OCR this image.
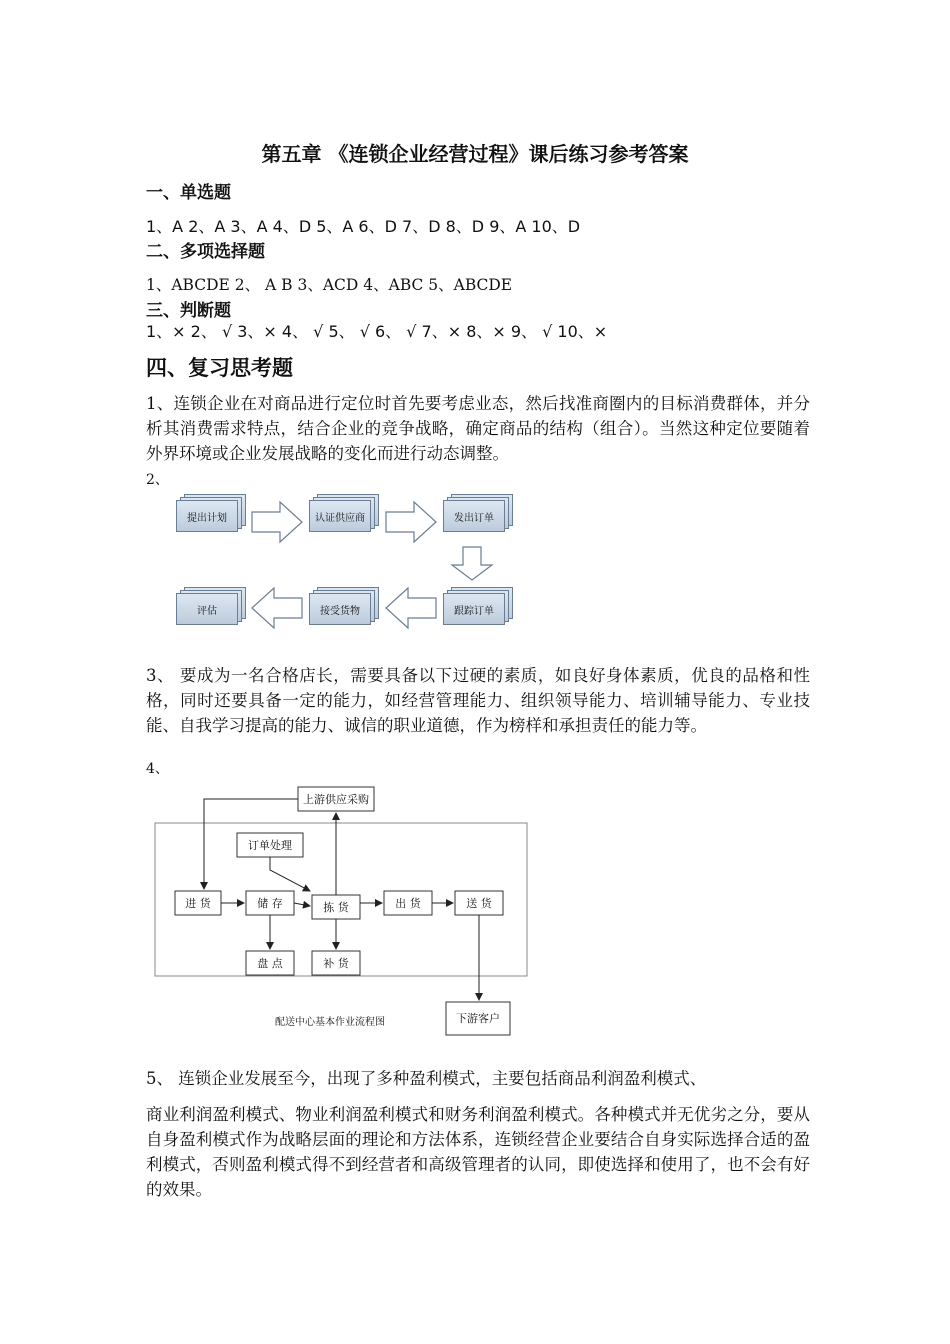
第五章 《连锁企业经营过程》课后练习参考答案
一、单选题
1、A 2、A 3、A 4、D 5、A 6、D 7、D 8、D 9、A 10、D
二、多项选择题
1、ABCDE 2、 A B 3、ACD 4、ABC 5、ABCDE
三、判断题
1、× 2、 √ 3、× 4、 √ 5、 √ 6、 √ 7、× 8、× 9、 √ 10、×
四、复习思考题
1、连锁企业在对商品进行定位时首先要考虑业态，然后找准商圈内的目标消费群体，并分析其消费需求特点，结合企业的竞争战略，确定商品的结构（组合）。当然这种定位要随着外界环境或企业发展战略的变化而进行动态调整。
2、
提出计划	认证供应商	发出订单
跟踪订单
接受货物
评估
3、 要成为一名合格店长，需要具备以下过硬的素质，如良好身体素质，优良的品格和性格，同时还要具备一定的能力，如经营管理能力、组织领导能力、培训辅导能力、专业技能、自我学习提高的能力、诚信的职业道德，作为榜样和承担责任的能力等。
4、
上游供应采购
订单处理
进 货	储 存	拣 货	出 货	送 货
盘 点	补 货
下游客户
配送中心基本作业流程图
5、 连锁企业发展至今，出现了多种盈利模式，主要包括商品利润盈利模式、
商业利润盈利模式、物业利润盈利模式和财务利润盈利模式。各种模式并无优劣之分，要从自身盈利模式作为战略层面的理论和方法体系，连锁经营企业要结合自身实际选择合适的盈利模式，否则盈利模式得不到经营者和高级管理者的认同，即使选择和使用了，也不会有好的效果。
